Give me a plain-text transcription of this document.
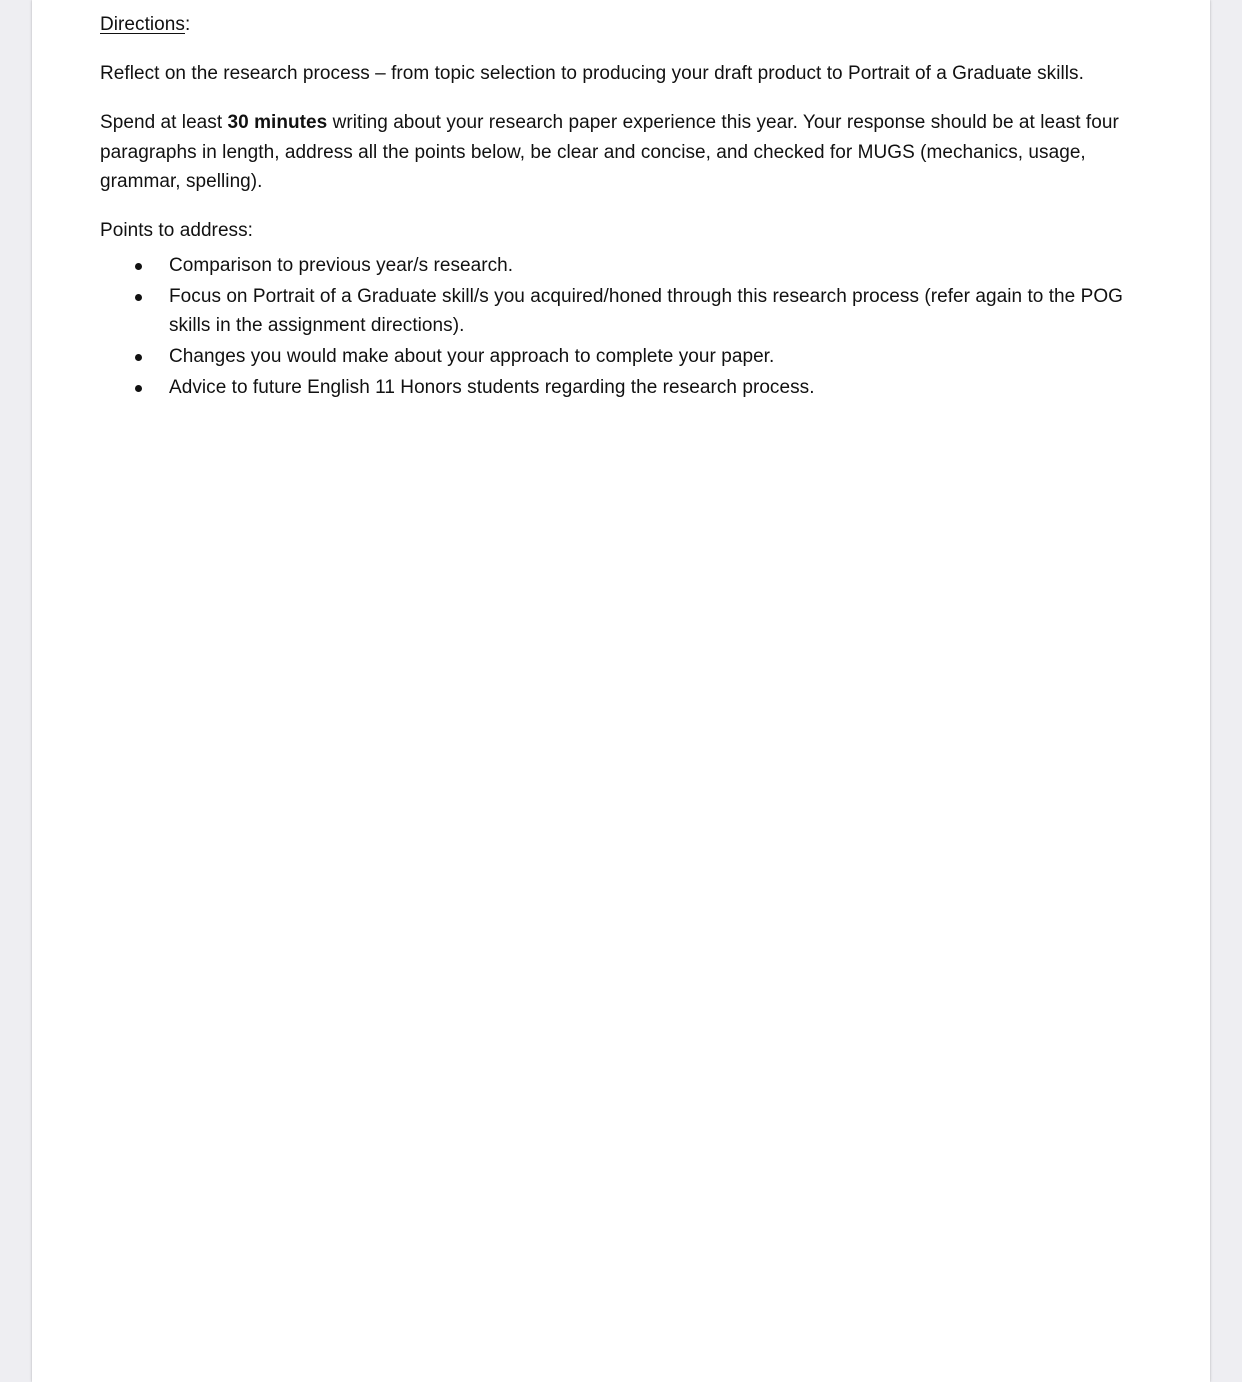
Directions:

Reflect on the research process – from topic selection to producing your draft product to Portrait of a Graduate skills.

Spend at least 30 minutes writing about your research paper experience this year. Your response should be at least four paragraphs in length, address all the points below, be clear and concise, and checked for MUGS (mechanics, usage, grammar, spelling).

Points to address:

Comparison to previous year/s research.
Focus on Portrait of a Graduate skill/s you acquired/honed through this research process (refer again to the POG skills in the assignment directions).
Changes you would make about your approach to complete your paper.
Advice to future English 11 Honors students regarding the research process.
